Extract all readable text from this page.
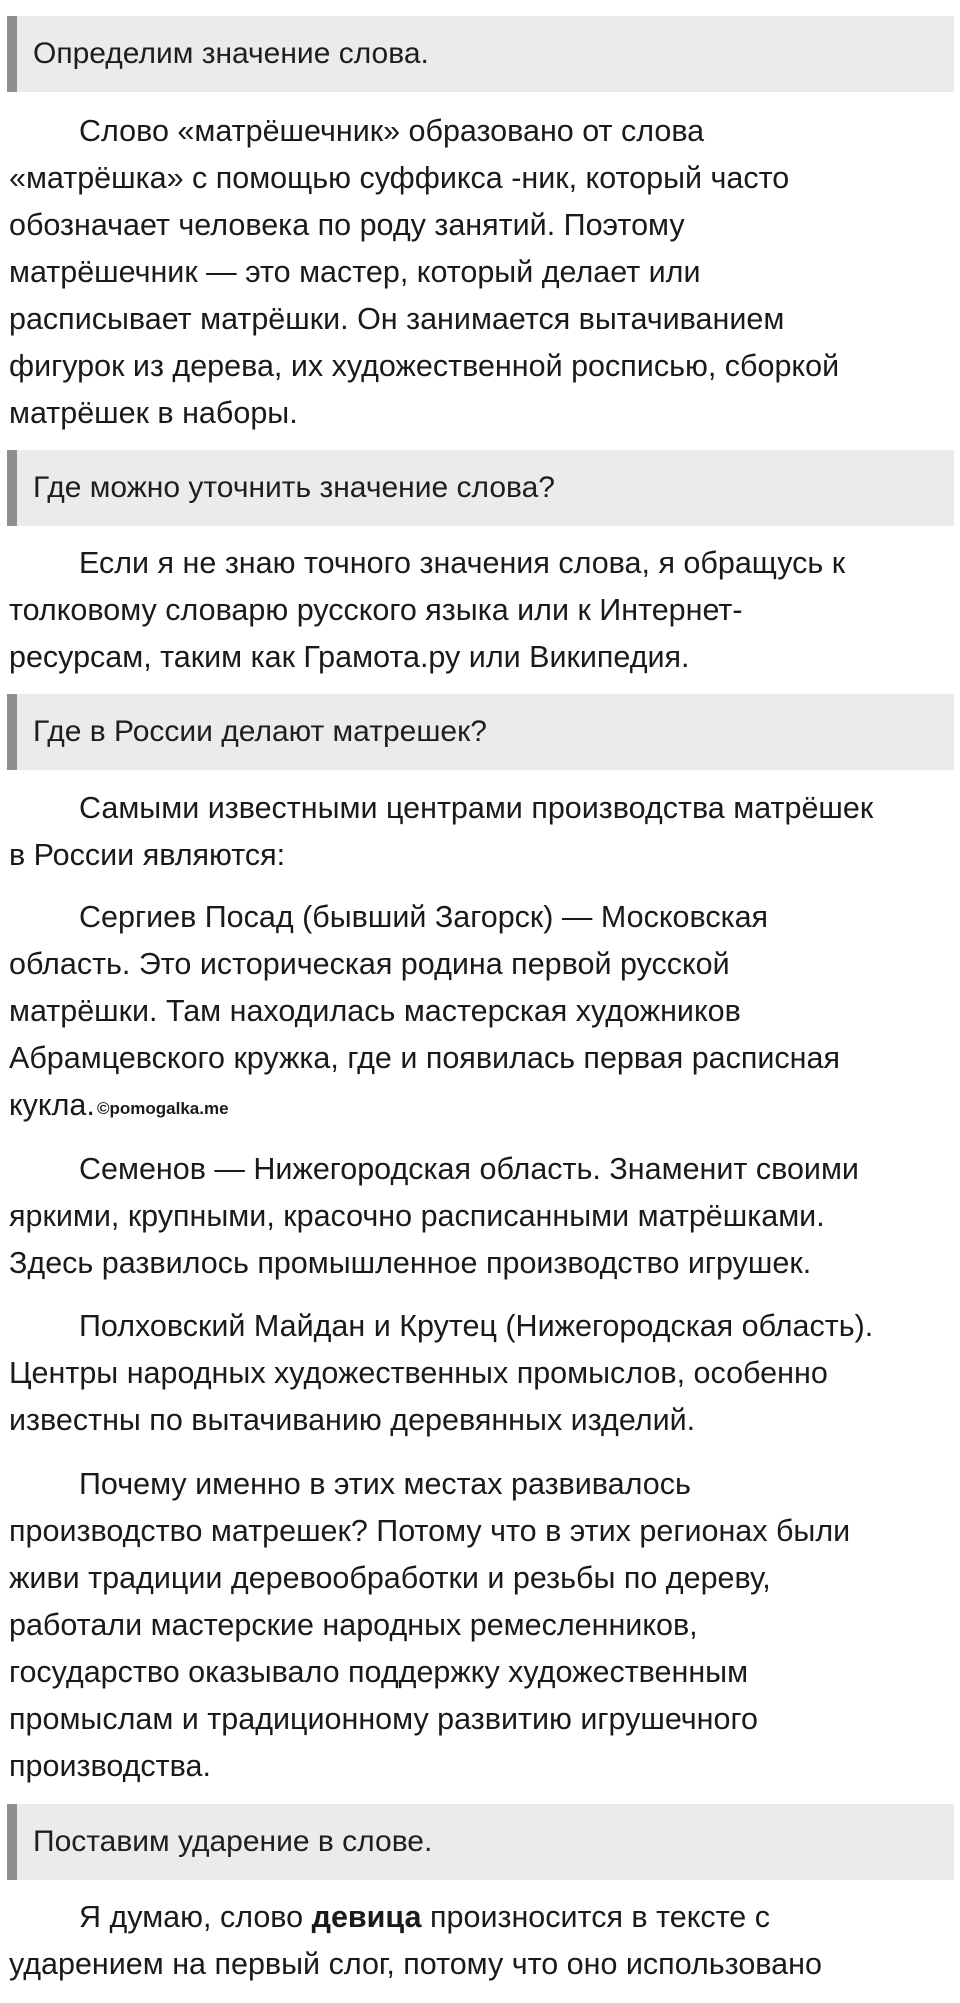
Определим значение слова.
Слово «матрёшечник» образовано от слова
«матрёшка» с помощью суффикса -ник, который часто
обозначает человека по роду занятий. Поэтому
матрёшечник — это мастер, который делает или
расписывает матрёшки. Он занимается вытачиванием
фигурок из дерева, их художественной росписью, сборкой
матрёшек в наборы.
Где можно уточнить значение слова?
Если я не знаю точного значения слова, я обращусь к
толковому словарю русского языка или к Интернет-
ресурсам, таким как Грамота.ру или Википедия.
Где в России делают матрешек?
Самыми известными центрами производства матрёшек
в России являются:
Сергиев Посад (бывший Загорск) — Московская
область. Это историческая родина первой русской
матрёшки. Там находилась мастерская художников
Абрамцевского кружка, где и появилась первая расписная
кукла. ©pomogalka.me
Семенов — Нижегородская область. Знаменит своими
яркими, крупными, красочно расписанными матрёшками.
Здесь развилось промышленное производство игрушек.
Полховский Майдан и Крутец (Нижегородская область).
Центры народных художественных промыслов, особенно
известны по вытачиванию деревянных изделий.
Почему именно в этих местах развивалось
производство матрешек? Потому что в этих регионах были
живи традиции деревообработки и резьбы по дереву,
работали мастерские народных ремесленников,
государство оказывало поддержку художественным
промыслам и традиционному развитию игрушечного
производства.
Поставим ударение в слове.
Я думаю, слово девица произносится в тексте с
ударением на первый слог, потому что оно использовано
